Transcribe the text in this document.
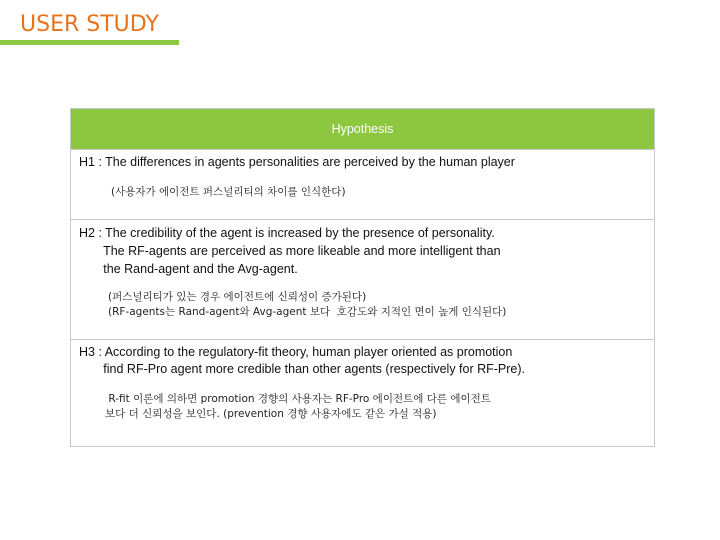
USER STUDY
Hypothesis
H1 : The differences in agents personalities are perceived by the human player
(사용자가 에이전트 퍼스널리티의 차이를 인식한다)
H2 : The credibility of the agent is increased by the presence of personality.
The RF-agents are perceived as more likeable and more intelligent than
the Rand-agent and the Avg-agent.
(퍼스널리티가 있는 경우 에이전트에 신뢰성이 증가된다)
(RF-agents는 Rand-agent와 Avg-agent 보다  호감도와 지적인 면이 높게 인식된다)
H3 : According to the regulatory-fit theory, human player oriented as promotion
find RF-Pro agent more credible than other agents (respectively for RF-Pre).
R-fit 이론에 의하면 promotion 경향의 사용자는 RF-Pro 에이전트에 다른 에이전트
보다 더 신뢰성을 보인다. (prevention 경향 사용자에도 같은 가설 적용)
